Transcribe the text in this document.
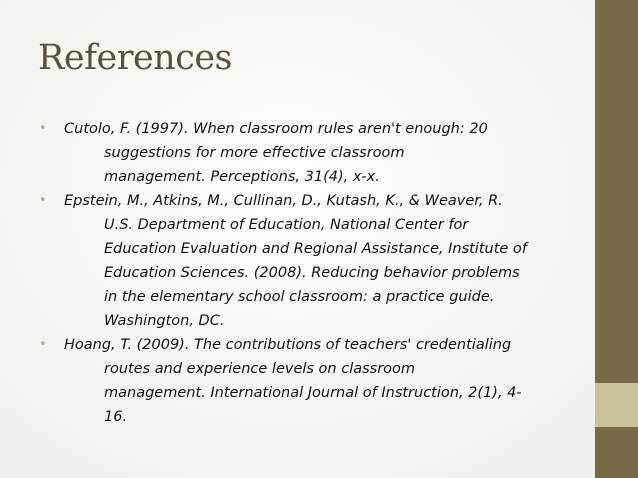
References
• Cutolo, F. (1997). When classroom rules aren't enough: 20
suggestions for more effective classroom
management. Perceptions, 31(4), x-x.
• Epstein, M., Atkins, M., Cullinan, D., Kutash, K., & Weaver, R.
U.S. Department of Education, National Center for
Education Evaluation and Regional Assistance, Institute of
Education Sciences. (2008). Reducing behavior problems
in the elementary school classroom: a practice guide.
Washington, DC.
• Hoang, T. (2009). The contributions of teachers' credentialing
routes and experience levels on classroom
management. International Journal of Instruction, 2(1), 4-
16.
